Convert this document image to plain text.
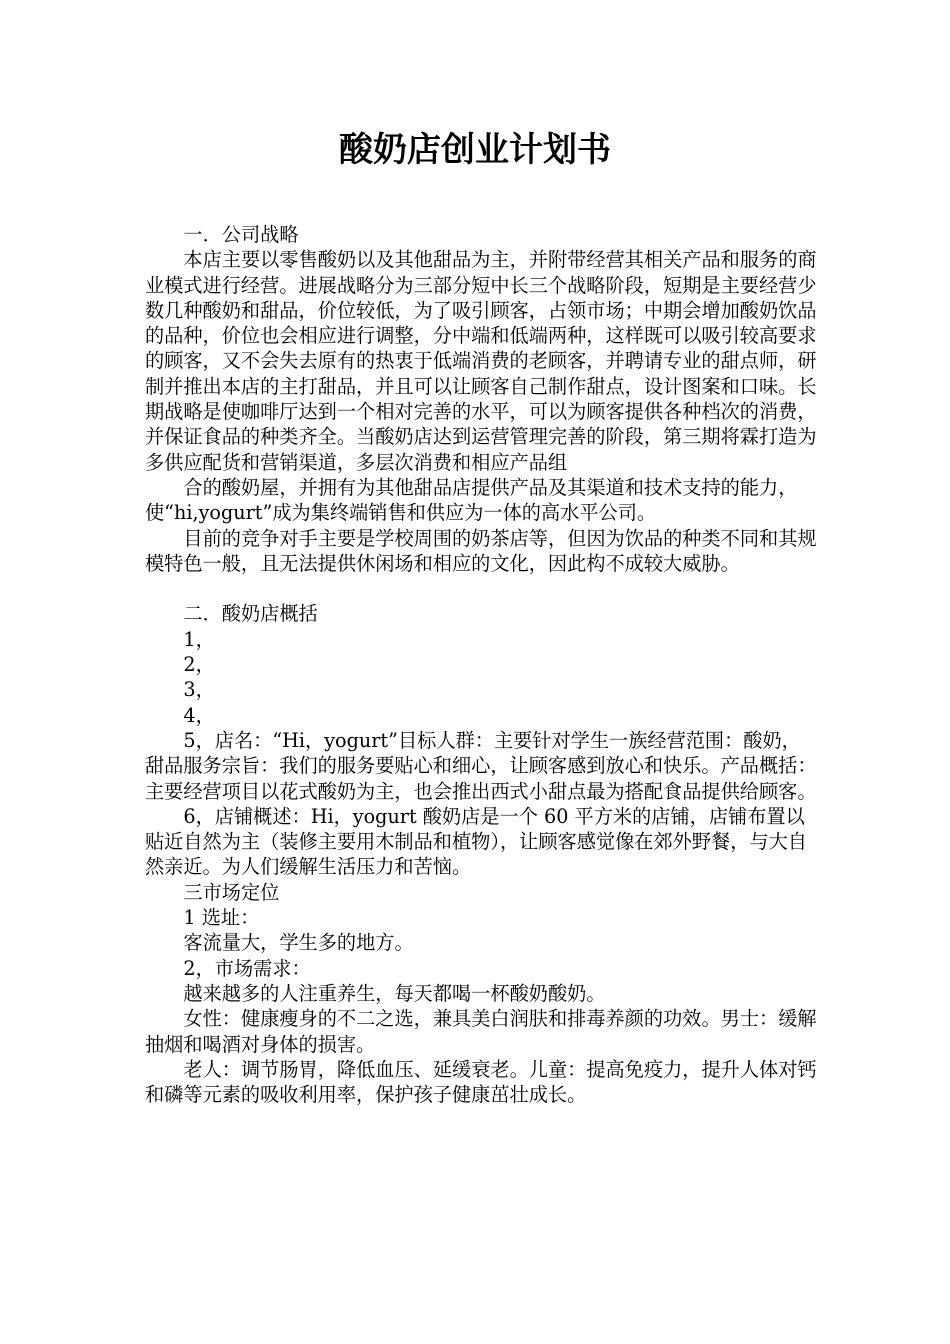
酸奶店创业计划书

一．公司战略

本店主要以零售酸奶以及其他甜品为主，并附带经营其相关产品和服务的商业模式进行经营。进展战略分为三部分短中长三个战略阶段，短期是主要经营少数几种酸奶和甜品，价位较低，为了吸引顾客，占领市场；中期会增加酸奶饮品的品种，价位也会相应进行调整，分中端和低端两种，这样既可以吸引较高要求的顾客，又不会失去原有的热衷于低端消费的老顾客，并聘请专业的甜点师，研制并推出本店的主打甜品，并且可以让顾客自己制作甜点，设计图案和口味。长期战略是使咖啡厅达到一个相对完善的水平，可以为顾客提供各种档次的消费，并保证食品的种类齐全。当酸奶店达到运营管理完善的阶段，第三期将霖打造为多供应配货和营销渠道，多层次消费和相应产品组

合的酸奶屋，并拥有为其他甜品店提供产品及其渠道和技术支持的能力，使“hi,yogurt”成为集终端销售和供应为一体的高水平公司。

目前的竞争对手主要是学校周围的奶茶店等，但因为饮品的种类不同和其规模特色一般，且无法提供休闲场和相应的文化，因此构不成较大威胁。

二．酸奶店概括

1，

2，

3，

4，

5，店名：“Hi，yogurt”目标人群：主要针对学生一族经营范围：酸奶，甜品服务宗旨：我们的服务要贴心和细心，让顾客感到放心和快乐。产品概括：主要经营项目以花式酸奶为主，也会推出西式小甜点最为搭配食品提供给顾客。

6，店铺概述：Hi，yogurt 酸奶店是一个 60 平方米的店铺，店铺布置以贴近自然为主（装修主要用木制品和植物），让顾客感觉像在郊外野餐，与大自然亲近。为人们缓解生活压力和苦恼。

三市场定位

1 选址：

客流量大，学生多的地方。

2，市场需求：

越来越多的人注重养生，每天都喝一杯酸奶酸奶。

女性：健康瘦身的不二之选，兼具美白润肤和排毒养颜的功效。男士：缓解抽烟和喝酒对身体的损害。

老人：调节肠胃，降低血压、延缓衰老。儿童：提高免疫力，提升人体对钙和磷等元素的吸收利用率，保护孩子健康茁壮成长。
